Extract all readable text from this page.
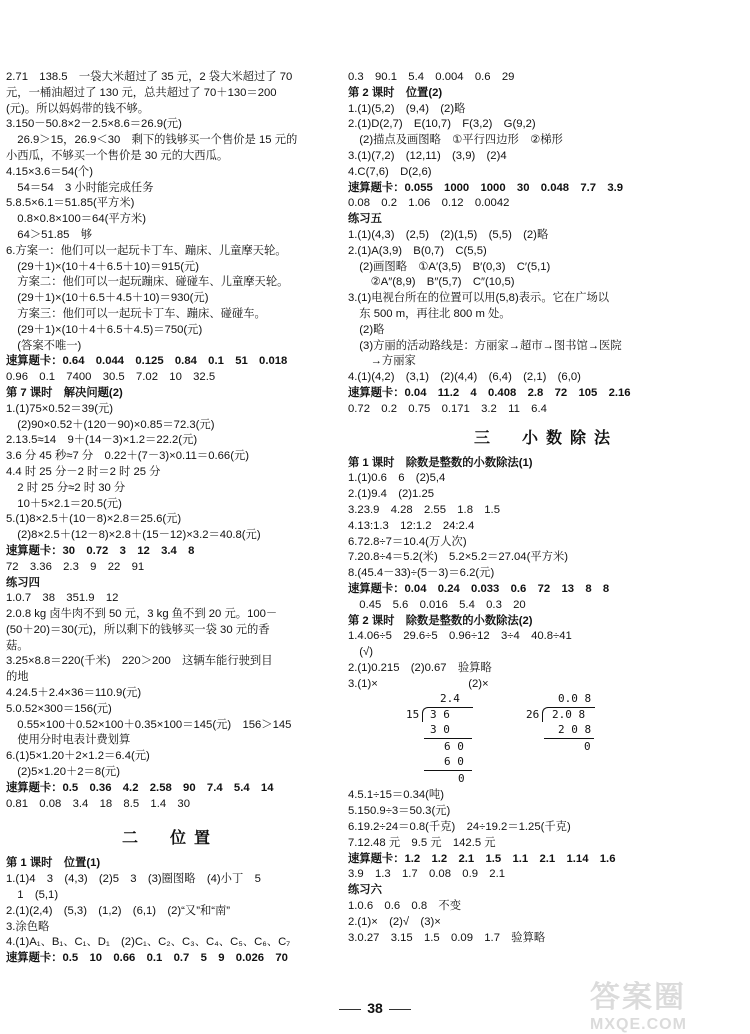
2.71　138.5　一袋大米超过了 35 元，2 袋大米超过了 70
元，一桶油超过了 130 元，总共超过了 70＋130＝200
(元)。所以妈妈带的钱不够。
3.150－50.8×2－2.5×8.6＝26.9(元)
　26.9＞15，26.9＜30　剩下的钱够买一个售价是 15 元的
小西瓜，不够买一个售价是 30 元的大西瓜。
4.15×3.6＝54(个)
　54＝54　3 小时能完成任务
5.8.5×6.1＝51.85(平方米)
　0.8×0.8×100＝64(平方米)
　64＞51.85　够
6.方案一：他们可以一起玩卡丁车、蹦床、儿童摩天轮。
　(29＋1)×(10＋4＋6.5＋10)＝915(元)
　方案二：他们可以一起玩蹦床、碰碰车、儿童摩天轮。
　(29＋1)×(10＋6.5＋4.5＋10)＝930(元)
　方案三：他们可以一起玩卡丁车、蹦床、碰碰车。
　(29＋1)×(10＋4＋6.5＋4.5)＝750(元)
　(答案不唯一)
速算题卡：0.64　0.044　0.125　0.84　0.1　51　0.018
0.96　0.1　7400　30.5　7.02　10　32.5
第 7 课时　解决问题(2)
1.(1)75×0.52＝39(元)
　(2)90×0.52＋(120－90)×0.85＝72.3(元)
2.13.5≈14　9＋(14－3)×1.2＝22.2(元)
3.6 分 45 秒≈7 分　0.22＋(7－3)×0.11＝0.66(元)
4.4 时 25 分－2 时＝2 时 25 分
　2 时 25 分≈2 时 30 分
　10＋5×2.1＝20.5(元)
5.(1)8×2.5＋(10－8)×2.8＝25.6(元)
　(2)8×2.5＋(12－8)×2.8＋(15－12)×3.2＝40.8(元)
速算题卡：30　0.72　3　12　3.4　8
72　3.36　2.3　9　22　91
练习四
1.0.7　38　351.9　12
2.0.8 kg 卤牛肉不到 50 元，3 kg 鱼不到 20 元。100－
(50＋20)＝30(元)，所以剩下的钱够买一袋 30 元的香
菇。
3.25×8.8＝220(千米)　220＞200　这辆车能行驶到目
的地
4.24.5＋2.4×36＝110.9(元)
5.0.52×300＝156(元)
　0.55×100＋0.52×100＋0.35×100＝145(元)　156＞145
　使用分时电表计费划算
6.(1)5×1.20＋2×1.2＝6.4(元)
　(2)5×1.20＋2＝8(元)
速算题卡：0.5　0.36　4.2　2.58　90　7.4　5.4　14
0.81　0.08　3.4　18　8.5　1.4　30
二　位置
第 1 课时　位置(1)
1.(1)4　3　(4,3)　(2)5　3　(3)圈图略　(4)小丁　5
　1　(5,1)
2.(1)(2,4)　(5,3)　(1,2)　(6,1)　(2)“又”和“南”
3.涂色略
4.(1)A₁、B₁、C₁、D₁　(2)C₁、C₂、C₃、C₄、C₅、C₆、C₇
速算题卡：0.5　10　0.66　0.1　0.7　5　9　0.026　70
0.3　90.1　5.4　0.004　0.6　29
第 2 课时　位置(2)
1.(1)(5,2)　(9,4)　(2)略
2.(1)D(2,7)　E(10,7)　F(3,2)　G(9,2)
　(2)描点及画图略　①平行四边形　②梯形
3.(1)(7,2)　(12,11)　(3,9)　(2)4
4.C(7,6)　D(2,6)
速算题卡：0.055　1000　1000　30　0.048　7.7　3.9
0.08　0.2　1.06　0.12　0.0042
练习五
1.(1)(4,3)　(2,5)　(2)(1,5)　(5,5)　(2)略
2.(1)A(3,9)　B(0,7)　C(5,5)
　(2)画图略　①A′(3,5)　B′(0,3)　C′(5,1)
　　②A″(8,9)　B″(5,7)　C″(10,5)
3.(1)电视台所在的位置可以用(5,8)表示。它在广场以
　东 500 m，再往北 800 m 处。
　(2)略
　(3)方丽的活动路线是：方丽家→超市→图书馆→医院
　　→方丽家
4.(1)(4,2)　(3,1)　(2)(4,4)　(6,4)　(2,1)　(6,0)
速算题卡：0.04　11.2　4　0.408　2.8　72　105　2.16
0.72　0.2　0.75　0.171　3.2　11　6.4
三　小数除法
第 1 课时　除数是整数的小数除法(1)
1.(1)0.6　6　(2)5,4
2.(1)9.4　(2)1.25
3.23.9　4.28　2.55　1.8　1.5
4.13:1.3　12:1.2　24:2.4
6.72.8÷7＝10.4(万人次)
7.20.8÷4＝5.2(米)　5.2×5.2＝27.04(平方米)
8.(45.4－33)÷(5－3)＝6.2(元)
速算题卡：0.04　0.24　0.033　0.6　72　13　8　8
　0.45　5.6　0.016　5.4　0.3　20
第 2 课时　除数是整数的小数除法(2)
1.4.06÷5　29.6÷5　0.96÷12　3÷4　40.8÷41
　(√)
2.(1)0.215　(2)0.67　验算略
3.(1)×　　　　　　　　(2)×
2.4
15 3 6
3 0
6 0
6 0
0
0.0 8
26 2.0 8
2 0 8
0
4.5.1÷15＝0.34(吨)
5.150.9÷3＝50.3(元)
6.19.2÷24＝0.8(千克)　24÷19.2＝1.25(千克)
7.12.48 元　9.5 元　142.5 元
速算题卡：1.2　1.2　2.1　1.5　1.1　2.1　1.14　1.6
3.9　1.3　1.7　0.08　0.9　2.1
练习六
1.0.6　0.6　0.8　不变
2.(1)×　(2)√　(3)×
3.0.27　3.15　1.5　0.09　1.7　验算略
38	答案圈
MXQE.COM
